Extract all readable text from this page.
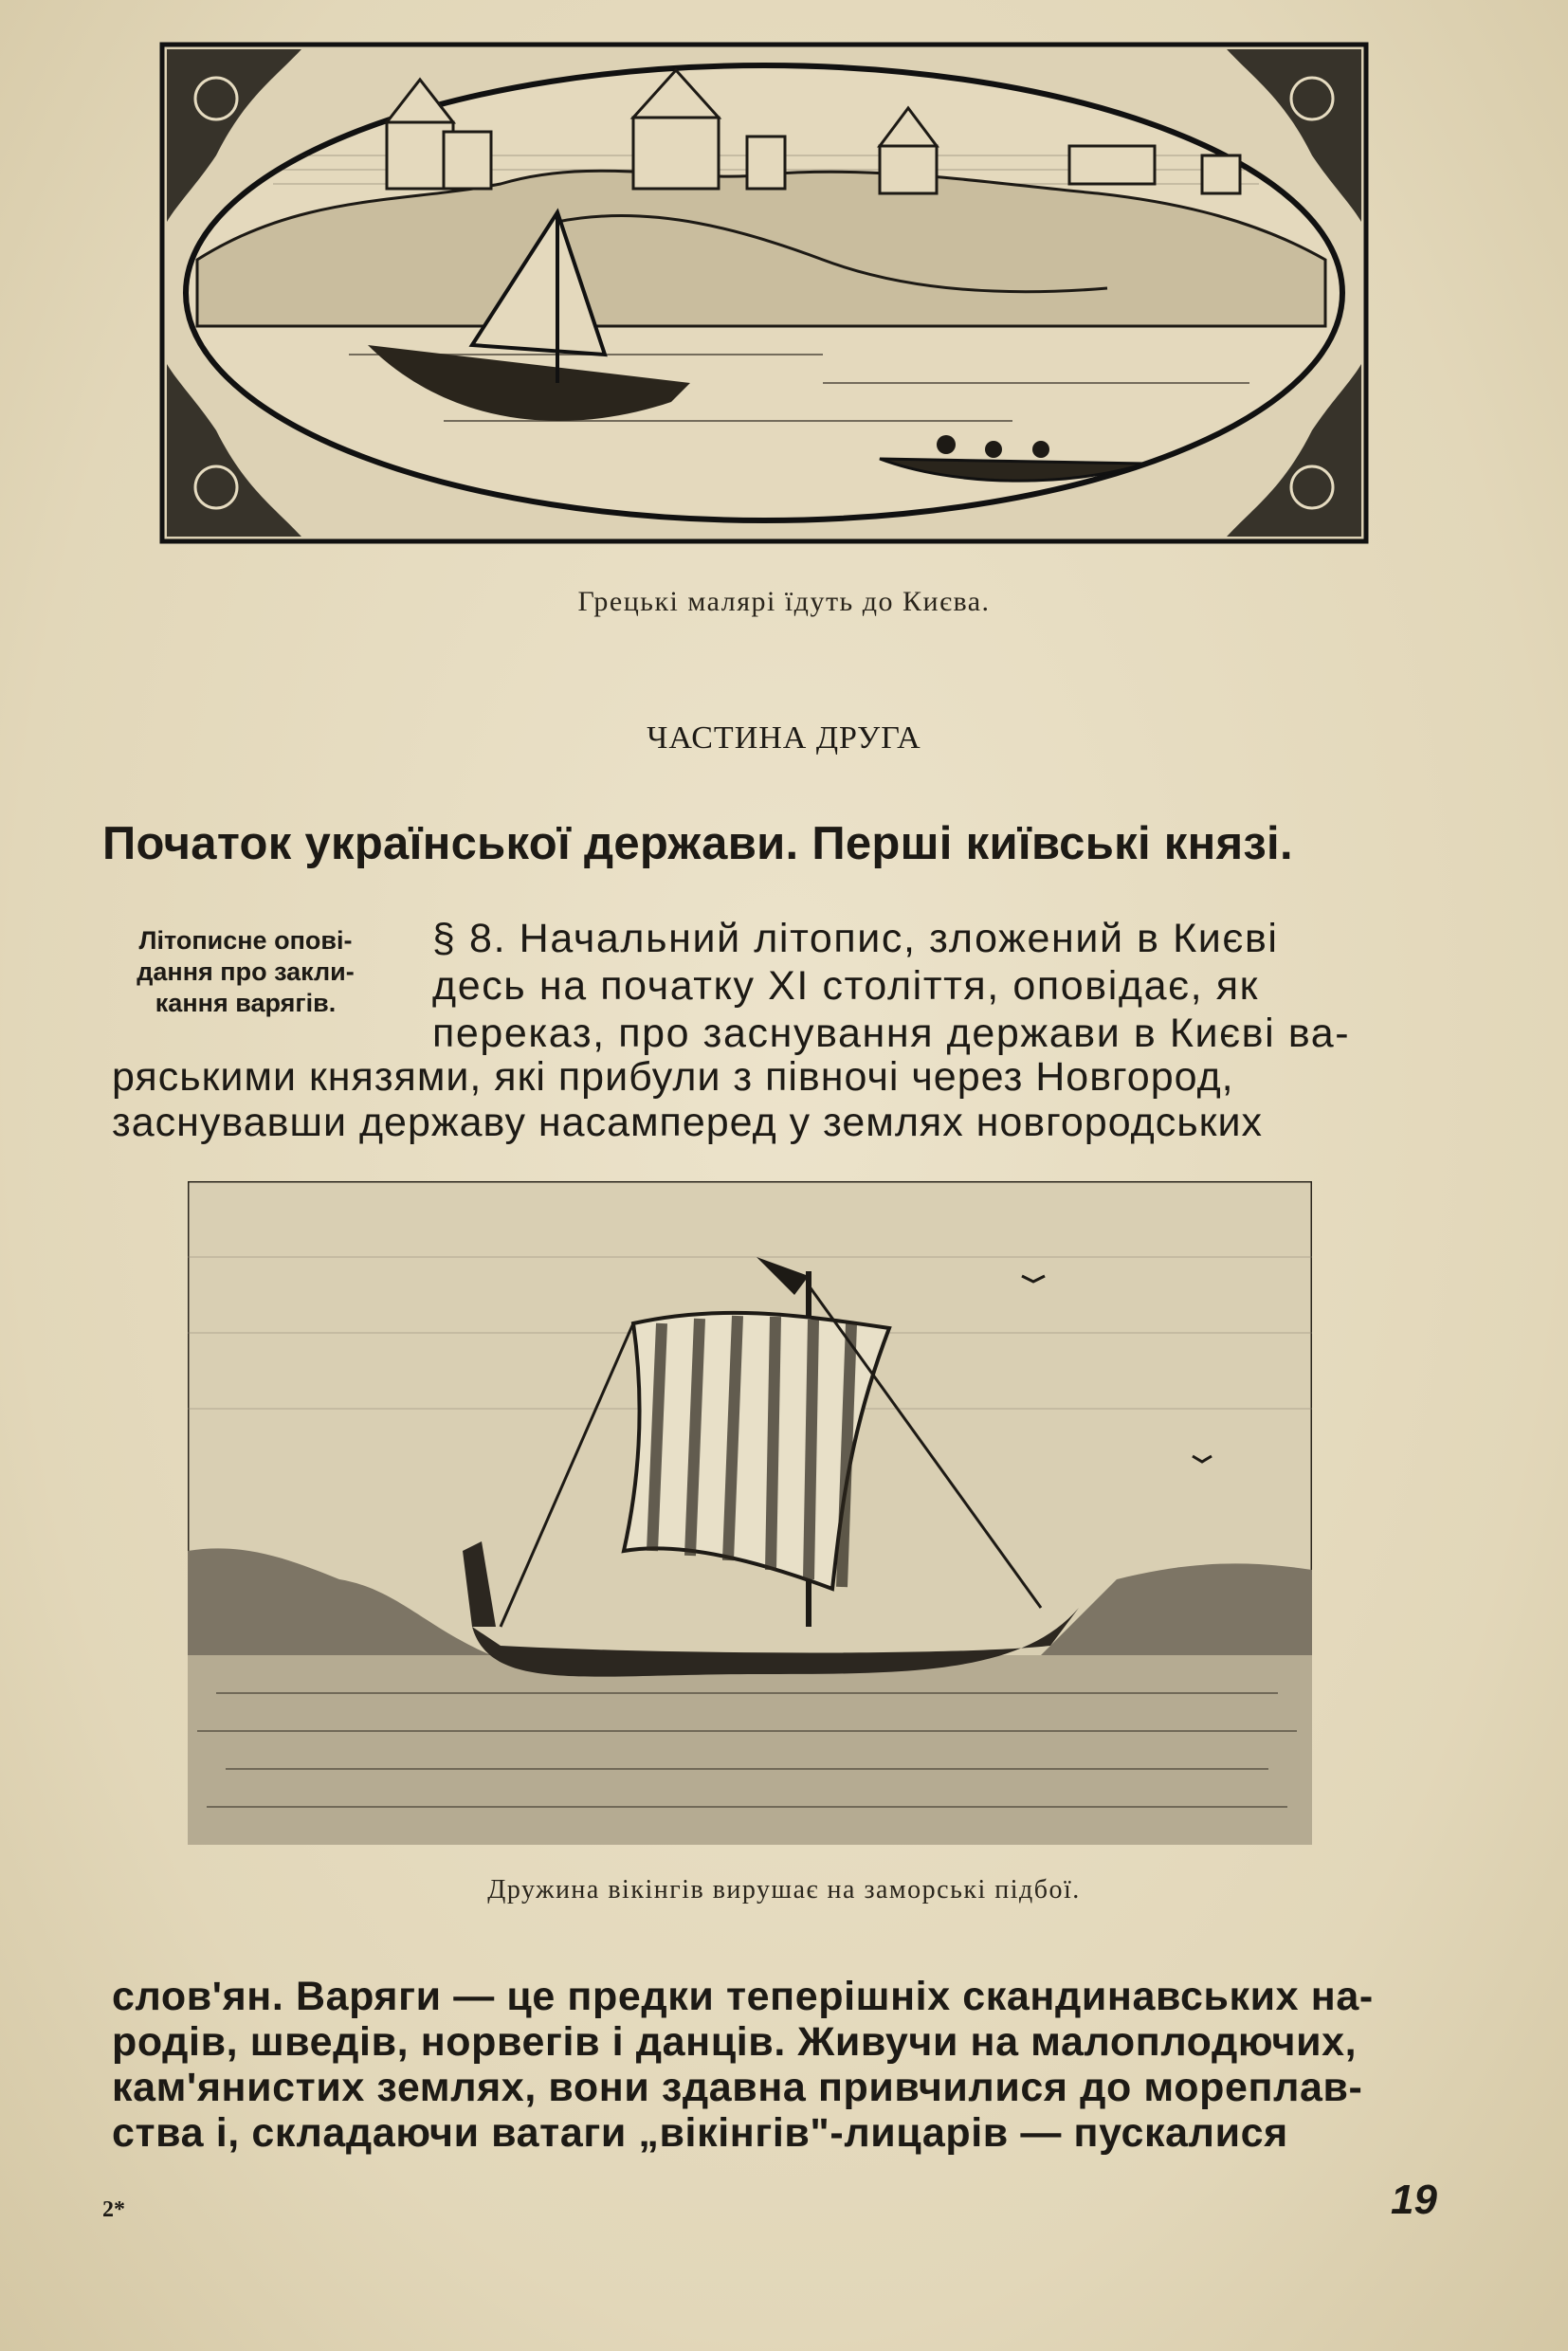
Грецькі малярі їдуть до Києва.
ЧАСТИНА ДРУГА
Початок української держави. Перші київські князі.
Літописне опові-
дання про закли-
кання варягів.
§ 8. Начальний літопис, зложений в Києві
десь на початку XI століття, оповідає, як
переказ, про заснування держави в Києві ва-
ряськими князями, які прибули з півночі через Новгород,
заснувавши державу насамперед у землях новгородських
Дружина вікінгів вирушає на заморські підбої.
слов'ян. Варяги — це предки теперішніх скандинавських на-
родів, шведів, норвегів і данців. Живучи на малоплодючих,
кам'янистих землях, вони здавна привчилися до мореплав-
ства і, складаючи ватаги „вікінгів"-лицарів — пускалися
2*	19
